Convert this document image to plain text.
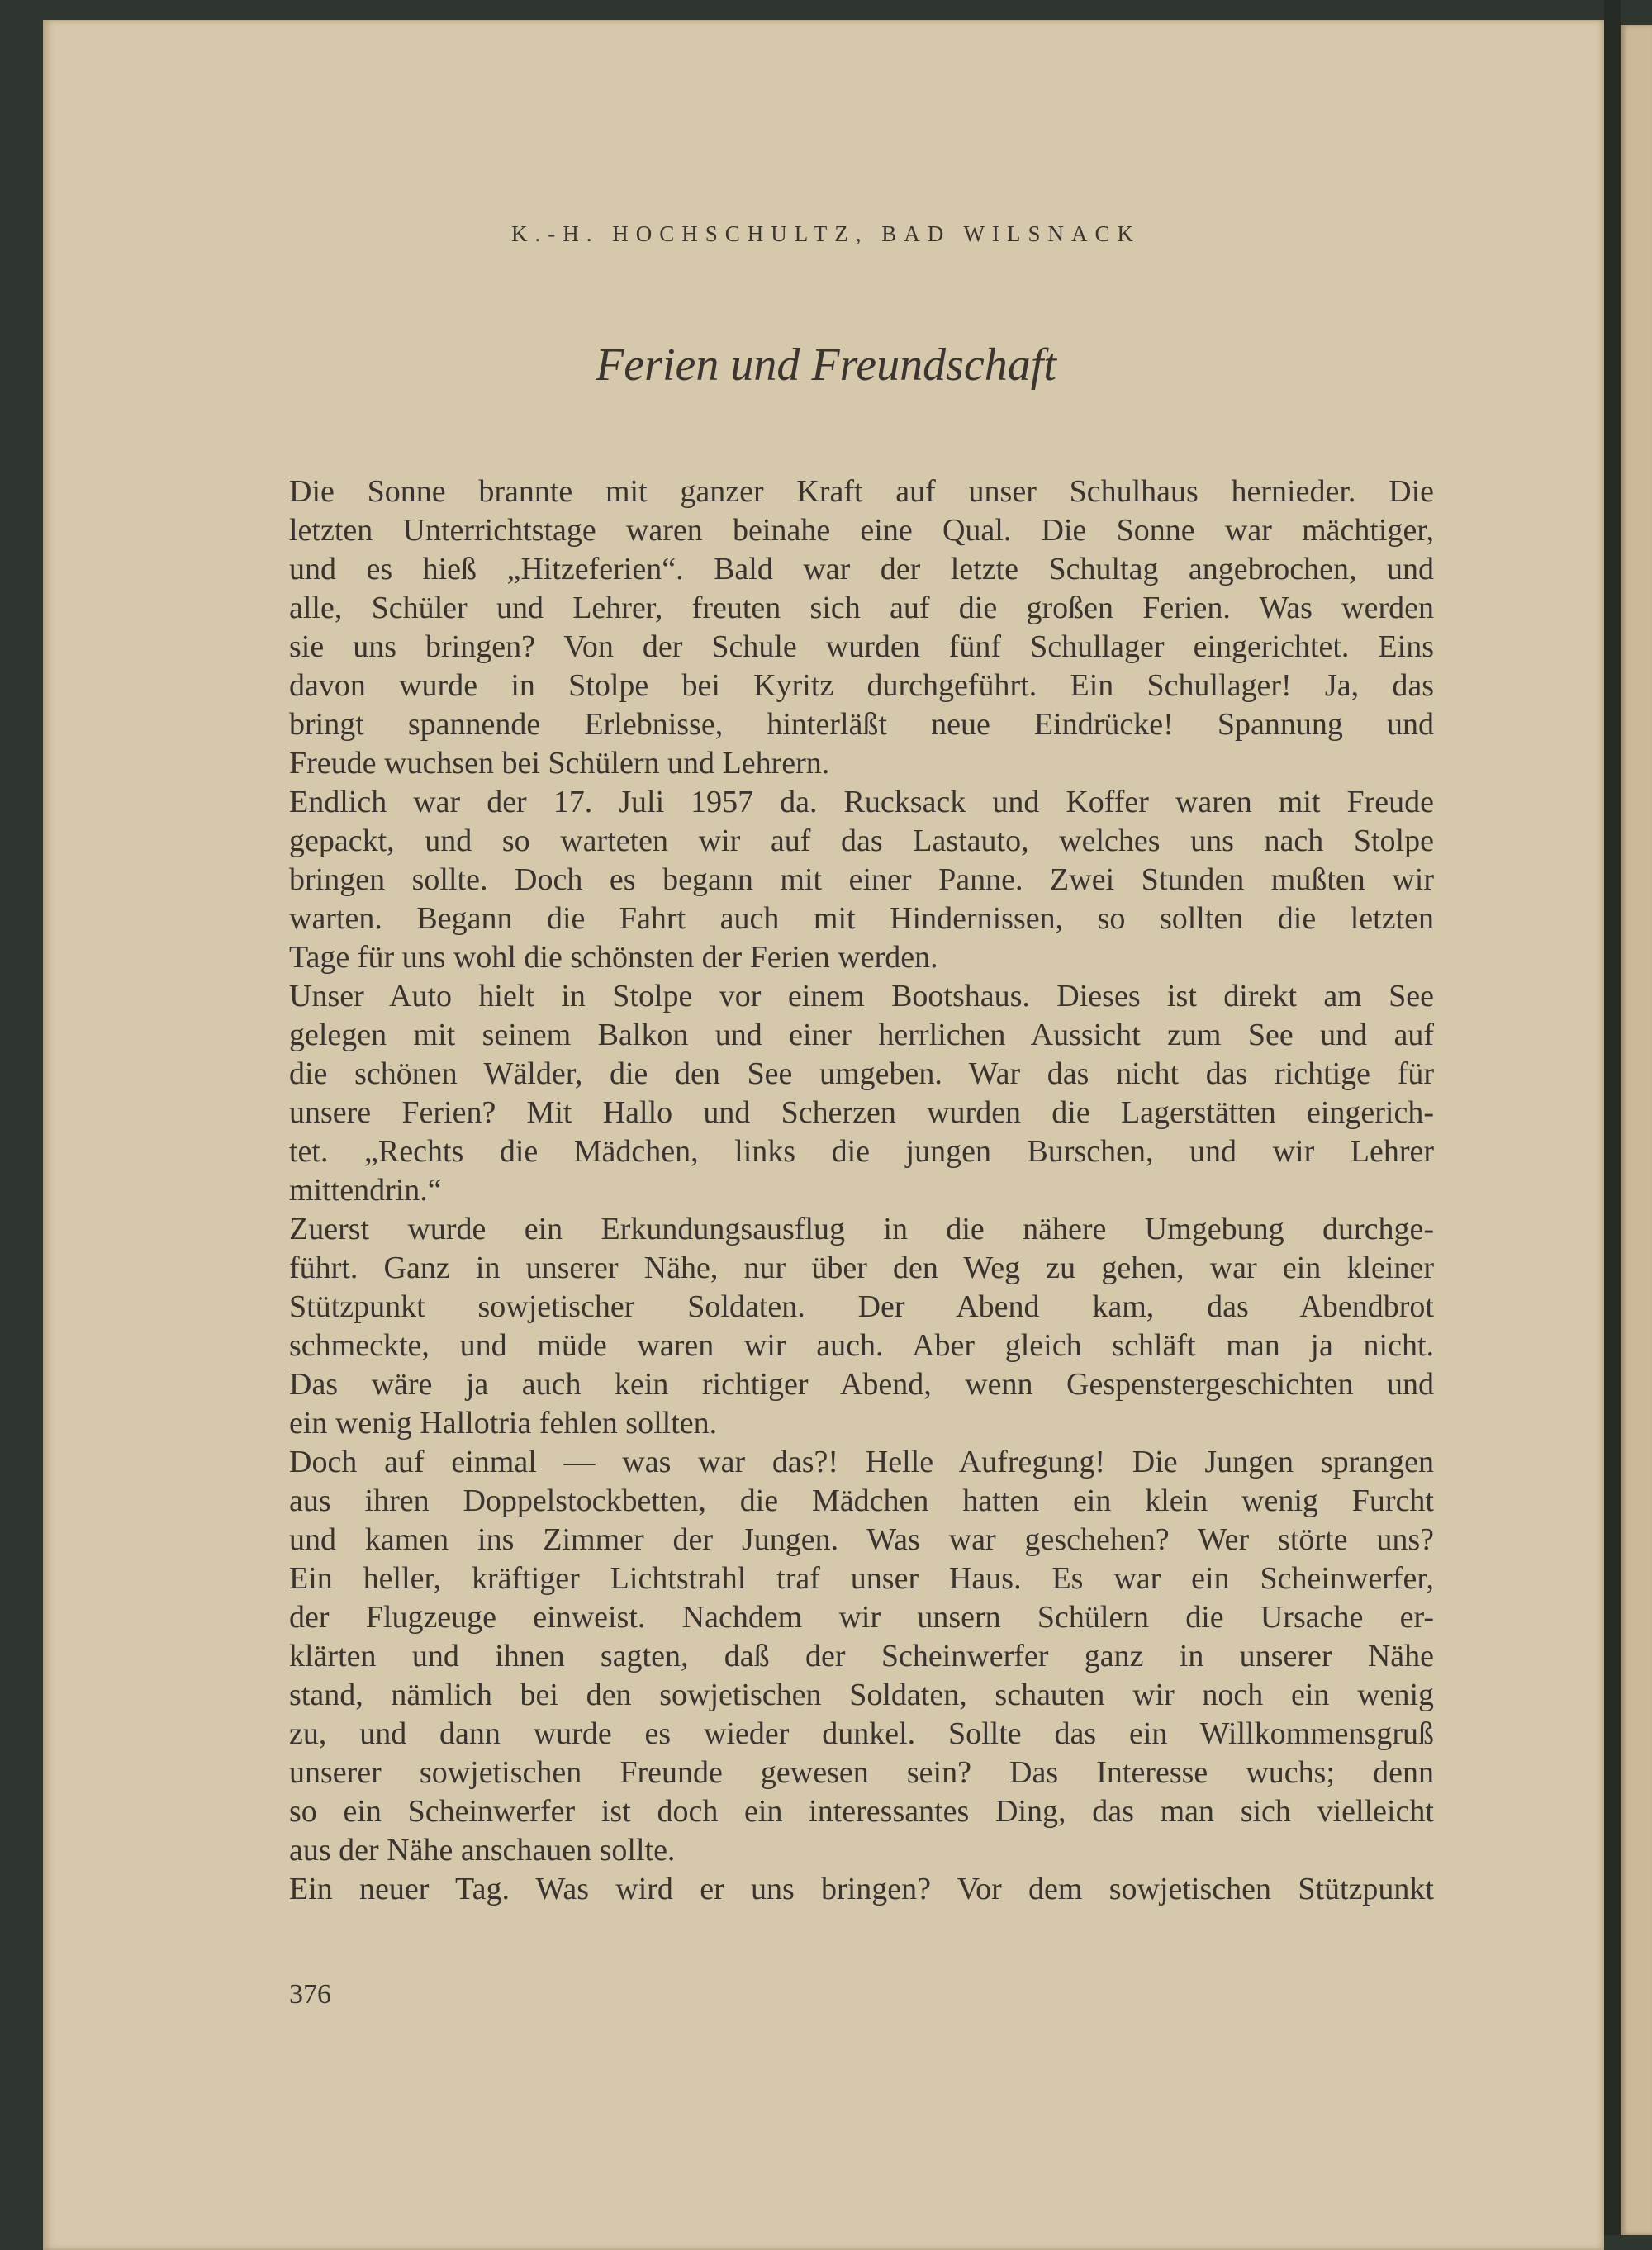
K.-H. HOCHSCHULTZ, BAD WILSNACK
Ferien und Freundschaft
Die Sonne brannte mit ganzer Kraft auf unser Schulhaus hernieder. Die
letzten Unterrichtstage waren beinahe eine Qual. Die Sonne war mächtiger,
und es hieß „Hitzeferien“. Bald war der letzte Schultag angebrochen, und
alle, Schüler und Lehrer, freuten sich auf die großen Ferien. Was werden
sie uns bringen? Von der Schule wurden fünf Schullager eingerichtet. Eins
davon wurde in Stolpe bei Kyritz durchgeführt. Ein Schullager! Ja, das
bringt spannende Erlebnisse, hinterläßt neue Eindrücke! Spannung und
Freude wuchsen bei Schülern und Lehrern.
Endlich war der 17. Juli 1957 da. Rucksack und Koffer waren mit Freude
gepackt, und so warteten wir auf das Lastauto, welches uns nach Stolpe
bringen sollte. Doch es begann mit einer Panne. Zwei Stunden mußten wir
warten. Begann die Fahrt auch mit Hindernissen, so sollten die letzten
Tage für uns wohl die schönsten der Ferien werden.
Unser Auto hielt in Stolpe vor einem Bootshaus. Dieses ist direkt am See
gelegen mit seinem Balkon und einer herrlichen Aussicht zum See und auf
die schönen Wälder, die den See umgeben. War das nicht das richtige für
unsere Ferien? Mit Hallo und Scherzen wurden die Lagerstätten eingerich-
tet. „Rechts die Mädchen, links die jungen Burschen, und wir Lehrer
mittendrin.“
Zuerst wurde ein Erkundungsausflug in die nähere Umgebung durchge-
führt. Ganz in unserer Nähe, nur über den Weg zu gehen, war ein kleiner
Stützpunkt sowjetischer Soldaten. Der Abend kam, das Abendbrot
schmeckte, und müde waren wir auch. Aber gleich schläft man ja nicht.
Das wäre ja auch kein richtiger Abend, wenn Gespenstergeschichten und
ein wenig Hallotria fehlen sollten.
Doch auf einmal — was war das?! Helle Aufregung! Die Jungen sprangen
aus ihren Doppelstockbetten, die Mädchen hatten ein klein wenig Furcht
und kamen ins Zimmer der Jungen. Was war geschehen? Wer störte uns?
Ein heller, kräftiger Lichtstrahl traf unser Haus. Es war ein Scheinwerfer,
der Flugzeuge einweist. Nachdem wir unsern Schülern die Ursache er-
klärten und ihnen sagten, daß der Scheinwerfer ganz in unserer Nähe
stand, nämlich bei den sowjetischen Soldaten, schauten wir noch ein wenig
zu, und dann wurde es wieder dunkel. Sollte das ein Willkommensgruß
unserer sowjetischen Freunde gewesen sein? Das Interesse wuchs; denn
so ein Scheinwerfer ist doch ein interessantes Ding, das man sich vielleicht
aus der Nähe anschauen sollte.
Ein neuer Tag. Was wird er uns bringen? Vor dem sowjetischen Stützpunkt
376
